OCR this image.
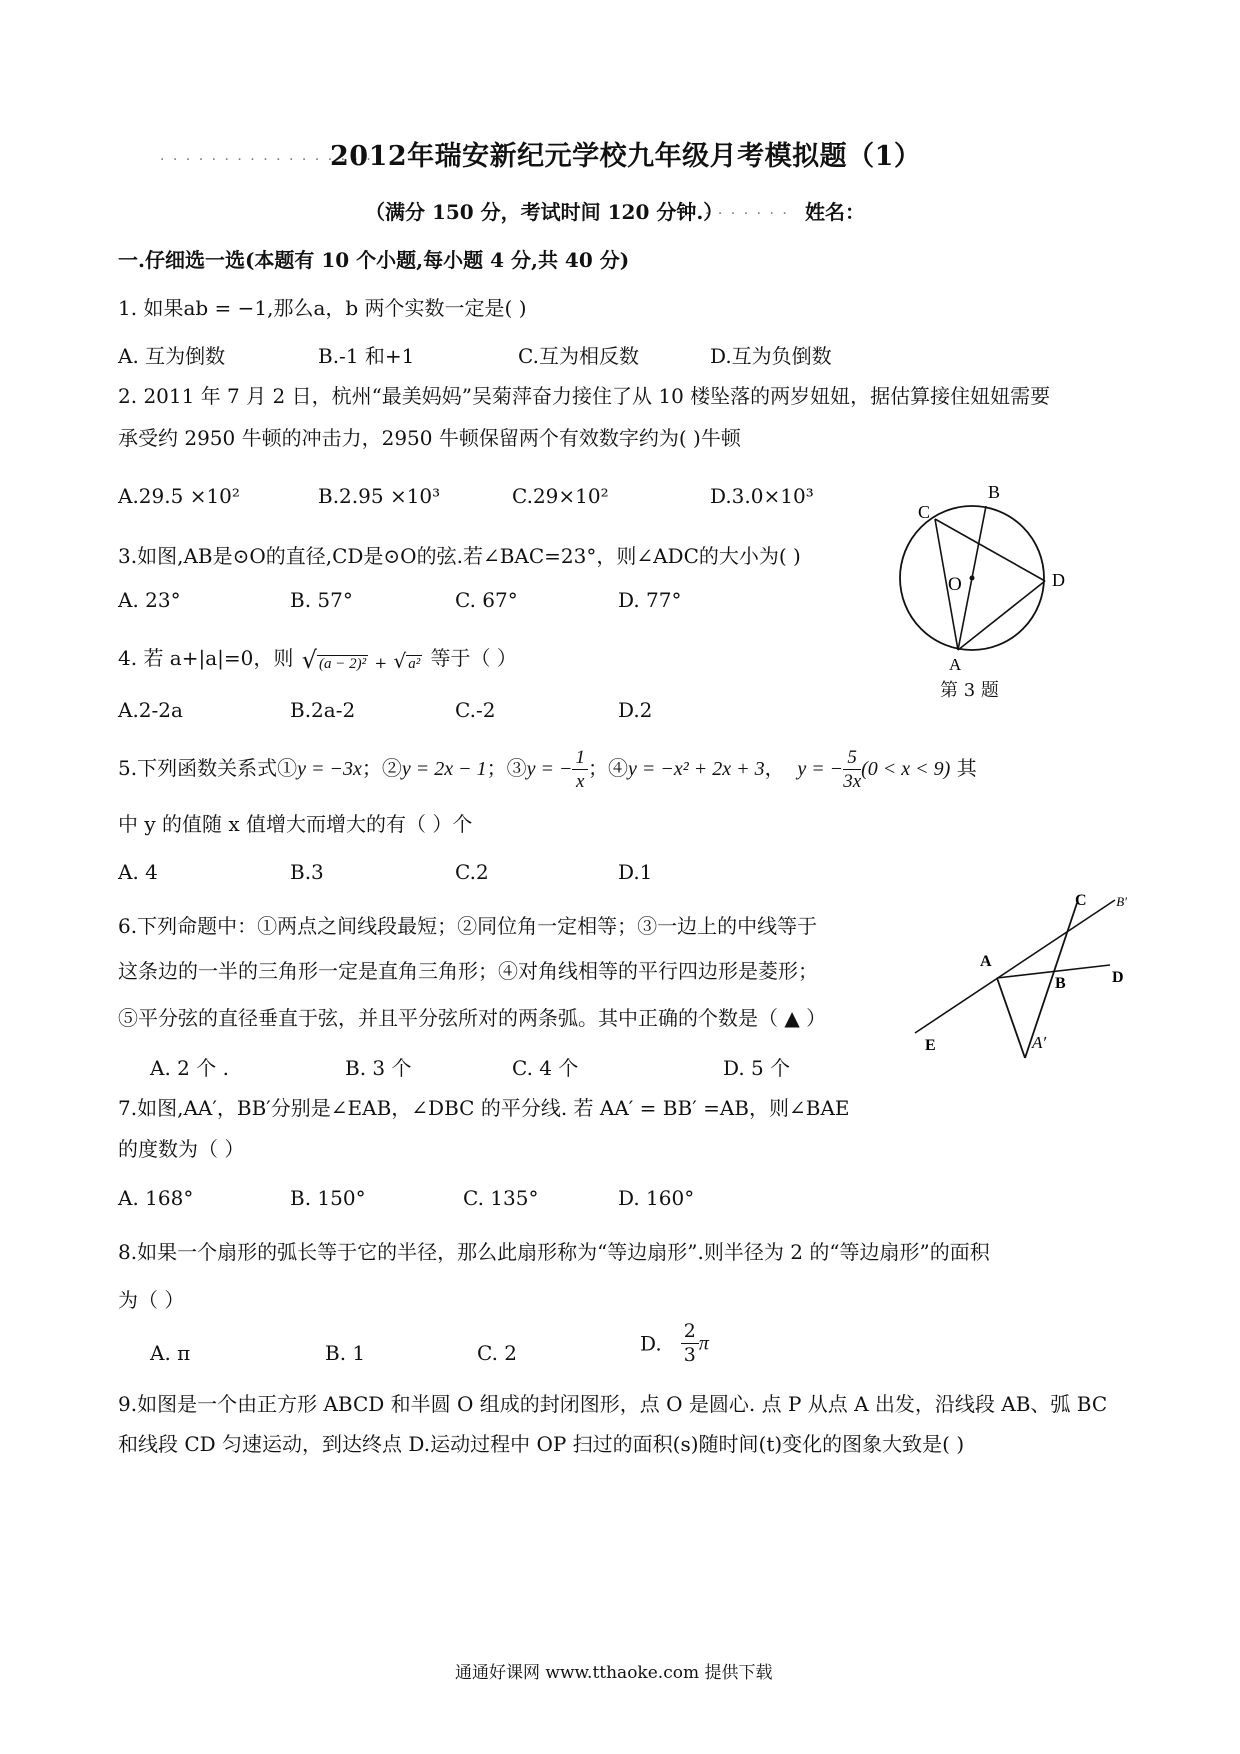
· · · · · · · · · · · · · · · · ·
2012年瑞安新纪元学校九年级月考模拟题（1）
（满分 150 分，考试时间 120 分钟.）
· · · · · · · 姓名：
一.仔细选一选(本题有 10 个小题,每小题 4 分,共 40 分)
1. 如果ab = −1,那么a，b 两个实数一定是( )
A. 互为倒数	B.-1 和+1	C.互为相反数	D.互为负倒数
2. 2011 年 7 月 2 日，杭州“最美妈妈”吴菊萍奋力接住了从 10 楼坠落的两岁妞妞，据估算接住妞妞需要
承受约 2950 牛顿的冲击力，2950 牛顿保留两个有效数字约为( )牛顿
A.29.5 ×10²	B.2.95 ×10³	C.29×10²	D.3.0×10³
3.如图,AB是⊙O的直径,CD是⊙O的弦.若∠BAC=23°，则∠ADC的大小为( )
A. 23°	B. 57°	C. 67°	D. 77°
B
C
O	D
A
第 3 题
4. 若 a+|a|=0，则 √ (a − 2)² + √ a² 等于（ ）
A.2-2a	B.2a-2	C.-2	D.2
5.下列函数关系式①y = −3x；②y = 2x − 1；③y = − $\frac{1}{x}$ ；④y = −x² + 2x + 3， y = − $\frac{5}{3x} (0 < x < 9)$ 其
中 y 的值随 x 值增大而增大的有（ ）个
A. 4	B.3	C.2	D.1
6.下列命题中：①两点之间线段最短；②同位角一定相等；③一边上的中线等于
这条边的一半的三角形一定是直角三角形；④对角线相等的平行四边形是菱形；
⑤平分弦的直径垂直于弦，并且平分弦所对的两条弧。其中正确的个数是（ ▲ ）
A. 2 个 .	B. 3 个	C. 4 个	D. 5 个
C B′
A
B	D
E	A′
7.如图,AA′，BB′分别是∠EAB，∠DBC 的平分线. 若 AA′ = BB′ =AB，则∠BAE
的度数为（ ）
A. 168°	B. 150°	C. 135°	D. 160°
8.如果一个扇形的弧长等于它的半径，那么此扇形称为“等边扇形”.则半径为 2 的“等边扇形”的面积
为（ ）
A. π	B. 1	C. 2	D. $\frac{2}{3}$ π
9.如图是一个由正方形 ABCD 和半圆 O 组成的封闭图形，点 O 是圆心. 点 P 从点 A 出发，沿线段 AB、弧 BC
和线段 CD 匀速运动，到达终点 D.运动过程中 OP 扫过的面积(s)随时间(t)变化的图象大致是( )
通通好课网 www.tthaoke.com 提供下载
